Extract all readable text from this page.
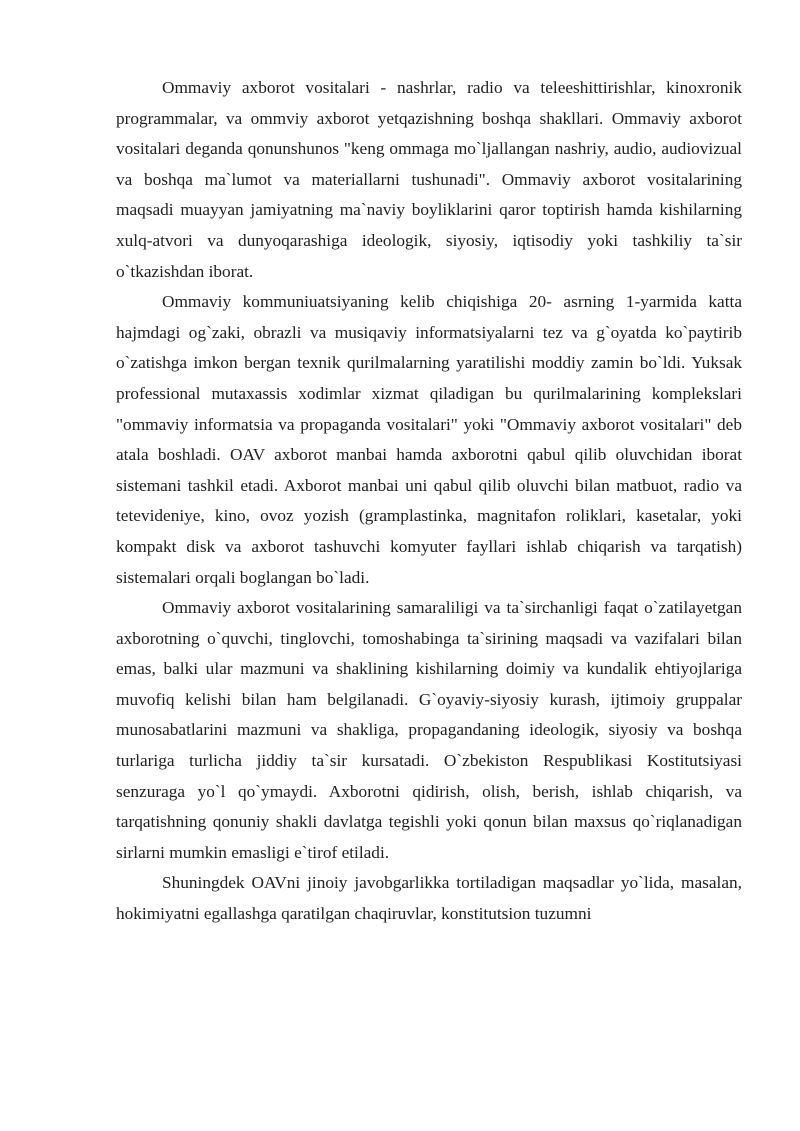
Ommaviy axborot vositalari - nashrlar, radio va teleeshittirishlar, kinoxronik programmalar, va ommviy axborot yetqazishning boshqa shakllari. Ommaviy axborot vositalari deganda qonunshunos "keng ommaga mo`ljallangan nashriy, audio, audiovizual va boshqa ma`lumot va materiallarni tushunadi". Ommaviy axborot vositalarining maqsadi muayyan jamiyatning ma`naviy boyliklarini qaror toptirish hamda kishilarning xulq-atvori va dunyoqarashiga ideologik, siyosiy, iqtisodiy yoki tashkiliy ta`sir o`tkazishdan iborat.

Ommaviy kommuniuatsiyaning kelib chiqishiga 20- asrning 1-yarmida katta hajmdagi og`zaki, obrazli va musiqaviy informatsiyalarni tez va g`oyatda ko`paytirib o`zatishga imkon bergan texnik qurilmalarning yaratilishi moddiy zamin bo`ldi. Yuksak professional mutaxassis xodimlar xizmat qiladigan bu qurilmalarining komplekslari "ommaviy informatsia va propaganda vositalari" yoki "Ommaviy axborot vositalari" deb atala boshladi. OAV axborot manbai hamda axborotni qabul qilib oluvchidan iborat sistemani tashkil etadi. Axborot manbai uni qabul qilib oluvchi bilan matbuot, radio va tetevideniye, kino, ovoz yozish (gramplastinka, magnitafon roliklari, kasetalar, yoki kompakt disk va axborot tashuvchi komyuter fayllari ishlab chiqarish va tarqatish) sistemalari orqali boglangan bo`ladi.

Ommaviy axborot vositalarining samaraliligi va ta`sirchanligi faqat o`zatilayetgan axborotning o`quvchi, tinglovchi, tomoshabinga ta`sirining maqsadi va vazifalari bilan emas, balki ular mazmuni va shaklining kishilarning doimiy va kundalik ehtiyojlariga muvofiq kelishi bilan ham belgilanadi. G`oyaviy-siyosiy kurash, ijtimoiy gruppalar munosabatlarini mazmuni va shakliga, propagandaning ideologik, siyosiy va boshqa turlariga turlicha jiddiy ta`sir kursatadi. O`zbekiston Respublikasi Kostitutsiyasi senzuraga yo`l qo`ymaydi. Axborotni qidirish, olish, berish, ishlab chiqarish, va tarqatishning qonuniy shakli davlatga tegishli yoki qonun bilan maxsus qo`riqlanadigan sirlarni mumkin emasligi e`tirof etiladi.

Shuningdek OAVni jinoiy javobgarlikka tortiladigan maqsadlar yo`lida, masalan, hokimiyatni egallashga qaratilgan chaqiruvlar, konstitutsion tuzumni
